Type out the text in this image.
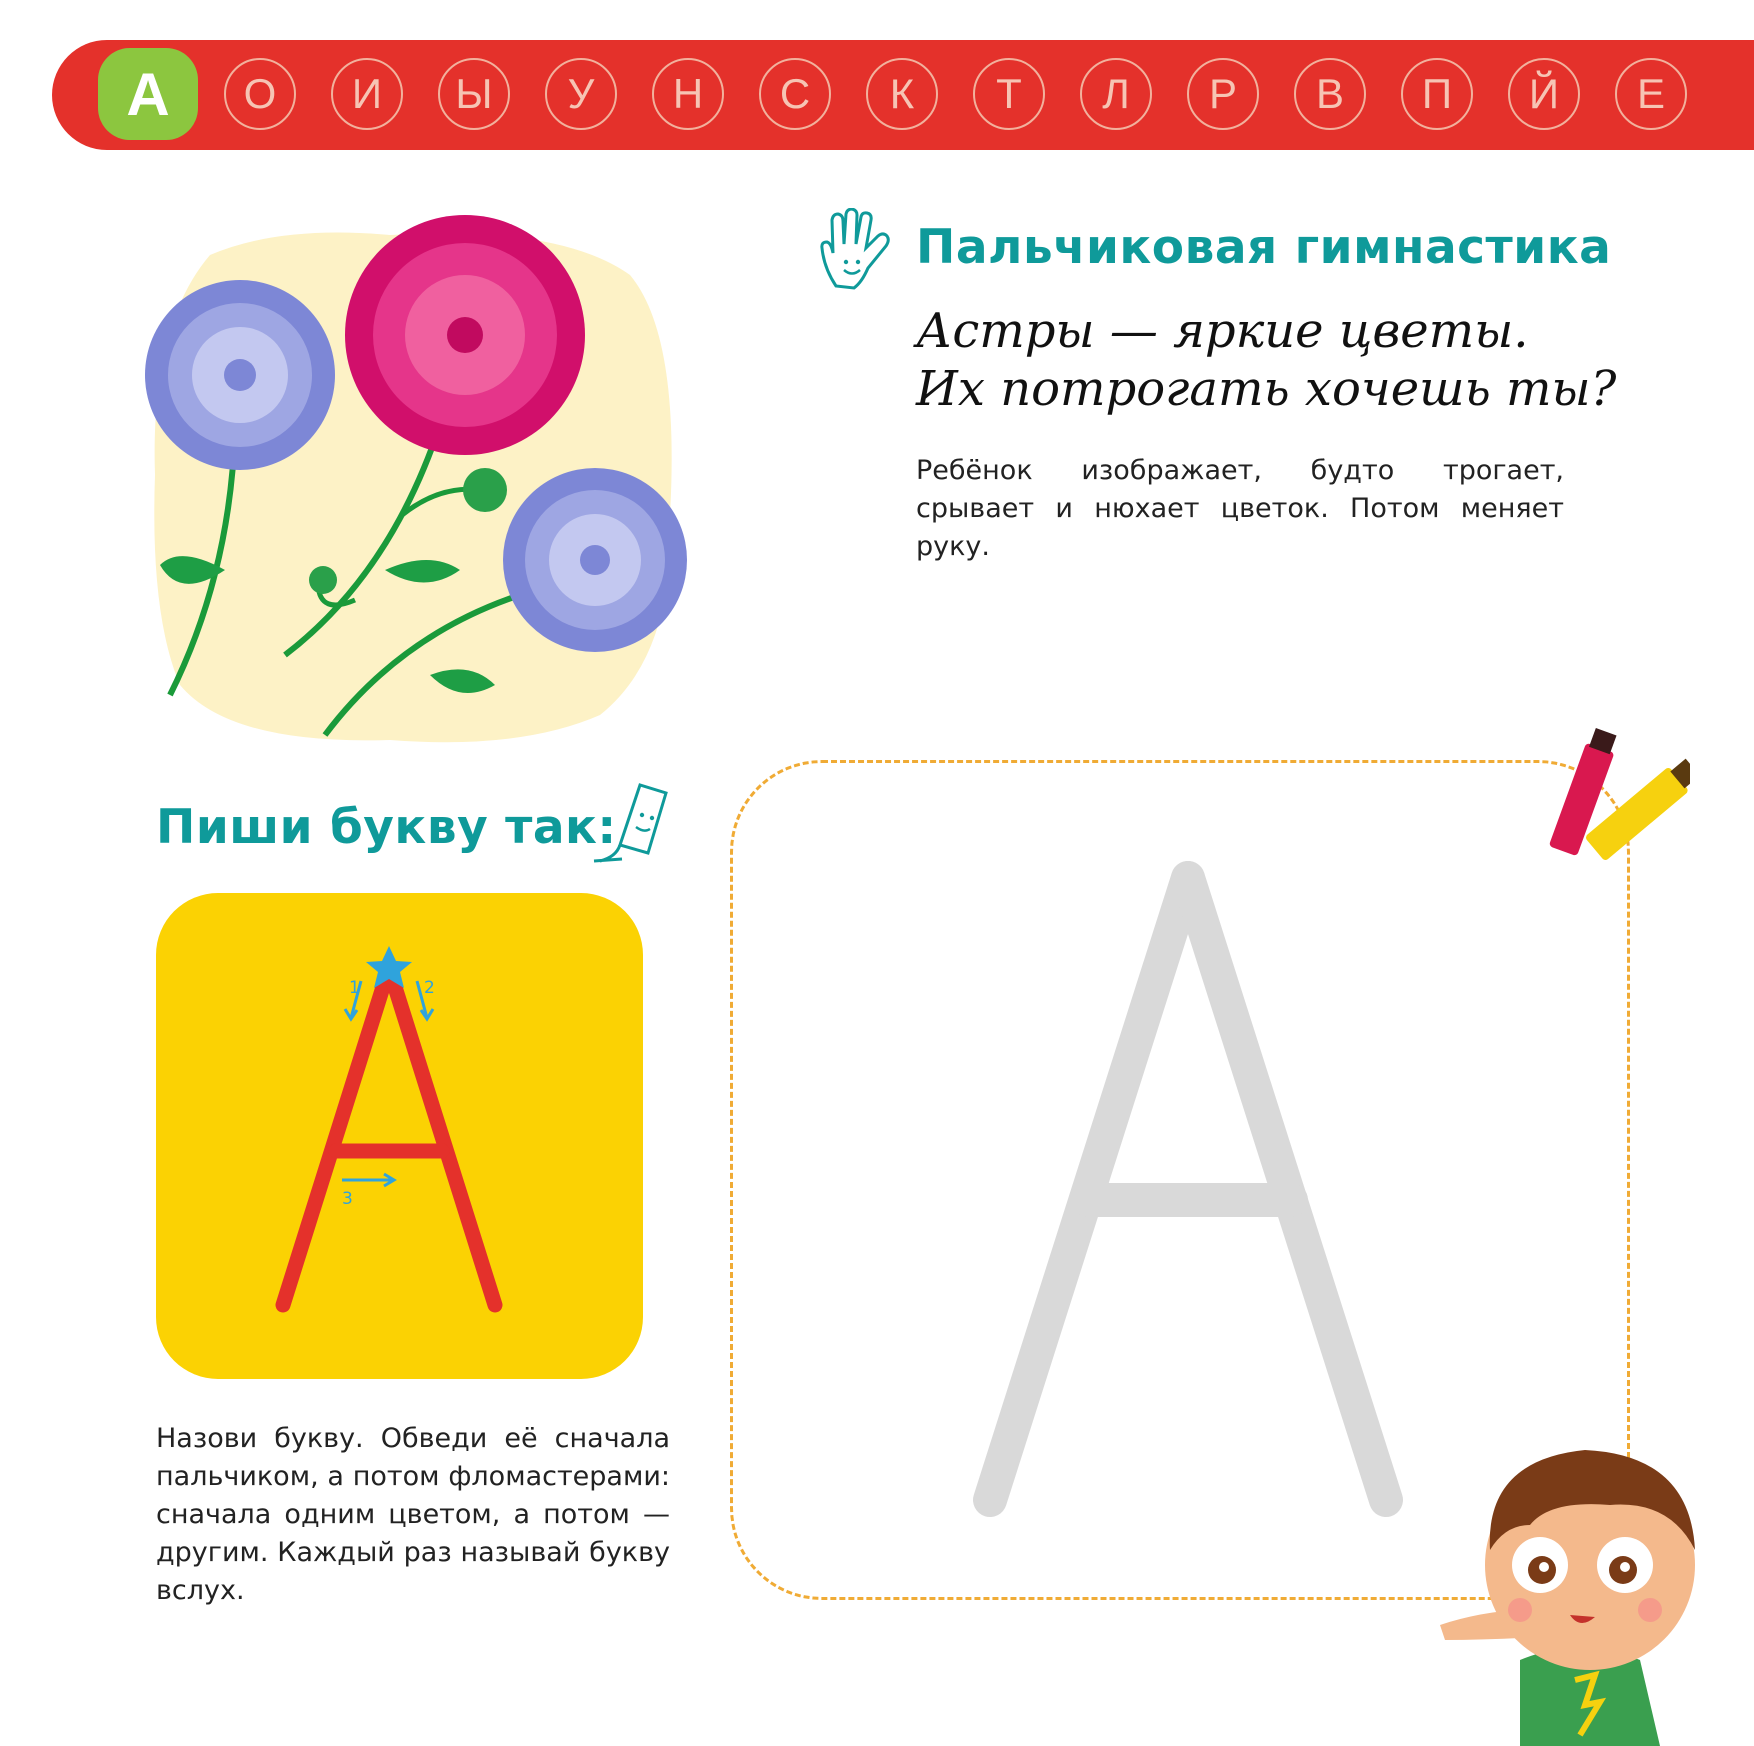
А	О	И	Ы	У	Н	С	К	Т	Л	Р	В	П	Й	Е
Пальчиковая гимнастика
Астры — яркие цветы.
Их потрогать хочешь ты?
Ребёнок изображает, будто трогает, срывает и нюхает цветок. Потом меняет руку.
Пиши букву так:
1	2
3
Назови букву. Обведи её сначала пальчиком, а потом фломастерами: сначала одним цветом, а потом — другим. Каждый раз называй букву вслух.
